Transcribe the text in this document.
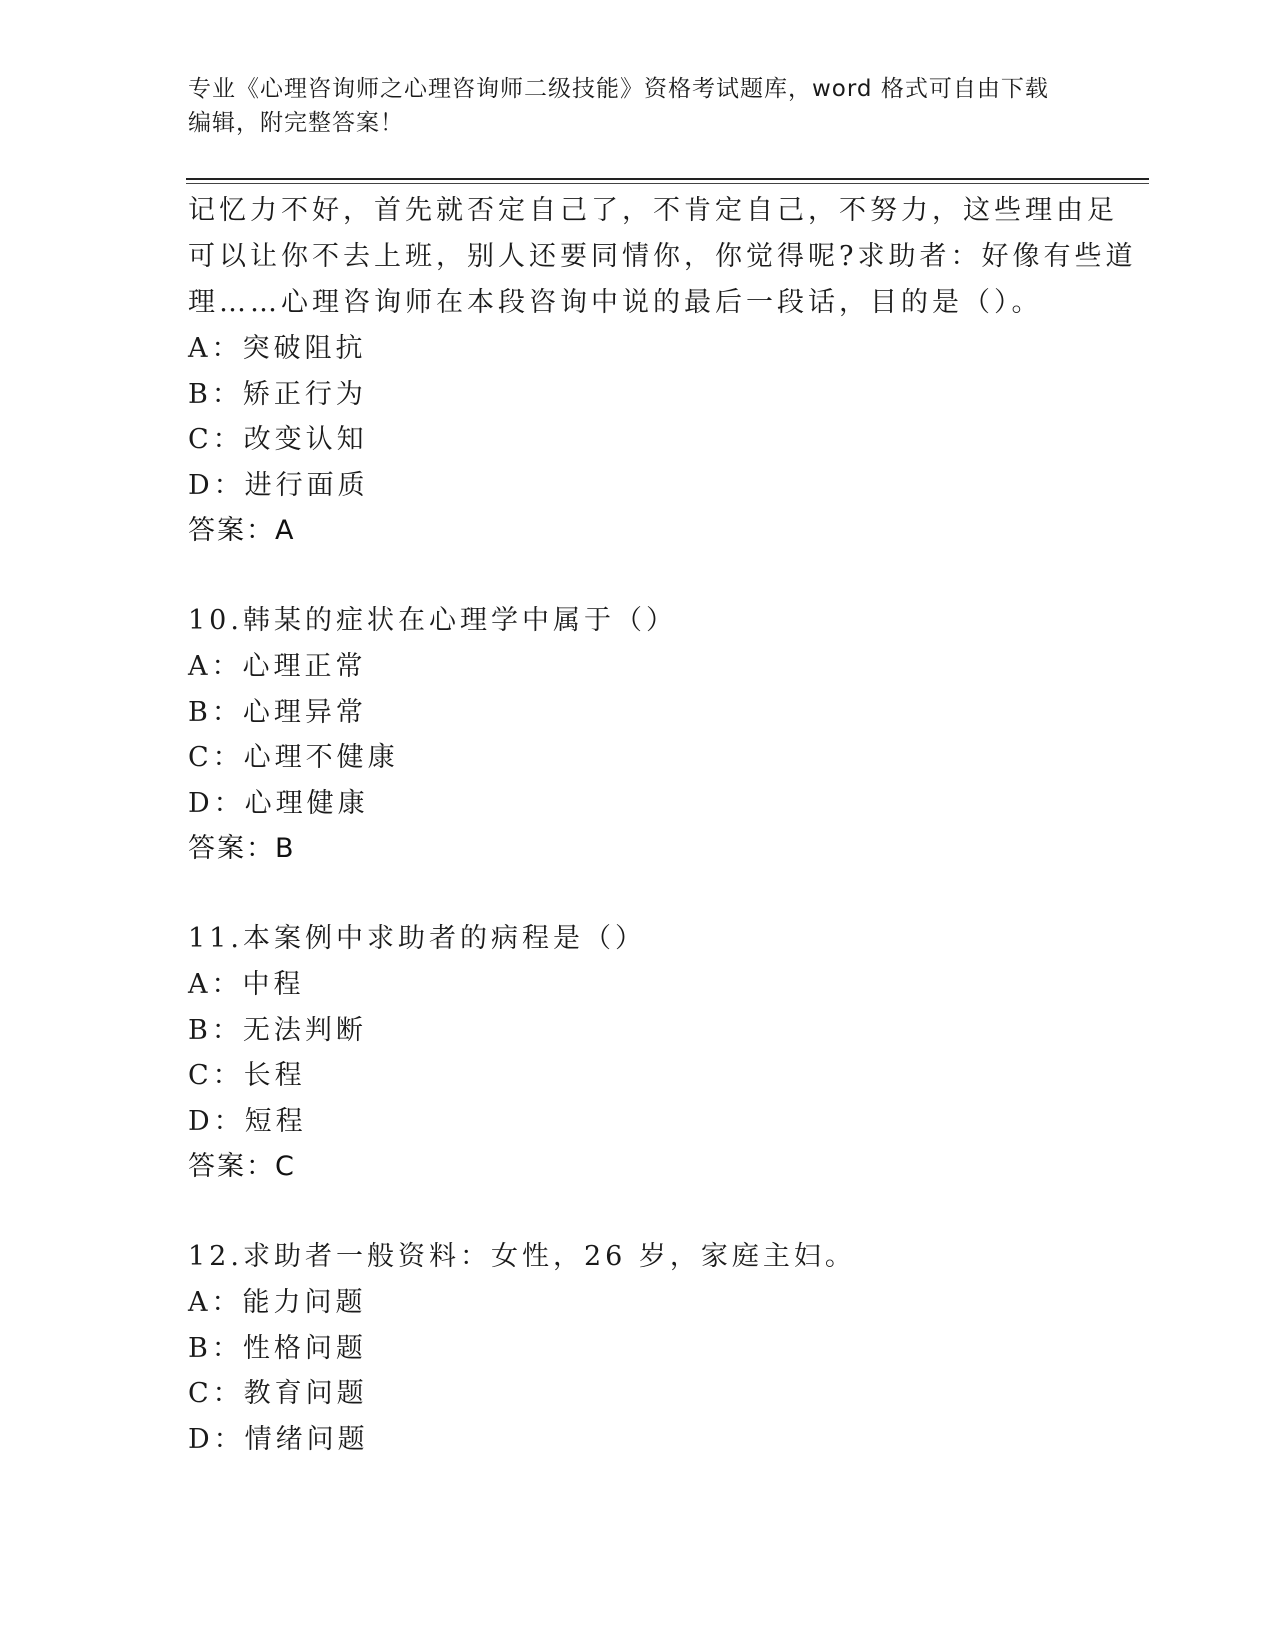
专业《心理咨询师之心理咨询师二级技能》资格考试题库，word 格式可自由下载
编辑，附完整答案！
记忆力不好，首先就否定自己了，不肯定自己，不努力，这些理由足
可以让你不去上班，别人还要同情你，你觉得呢?求助者：好像有些道
理……心理咨询师在本段咨询中说的最后一段话，目的是（）。
A：突破阻抗
B：矫正行为
C：改变认知
D：进行面质
答案：A
10.韩某的症状在心理学中属于（）
A：心理正常
B：心理异常
C：心理不健康
D：心理健康
答案：B
11.本案例中求助者的病程是（）
A：中程
B：无法判断
C：长程
D：短程
答案：C
12.求助者一般资料：女性，26 岁，家庭主妇。
A：能力问题
B：性格问题
C：教育问题
D：情绪问题
